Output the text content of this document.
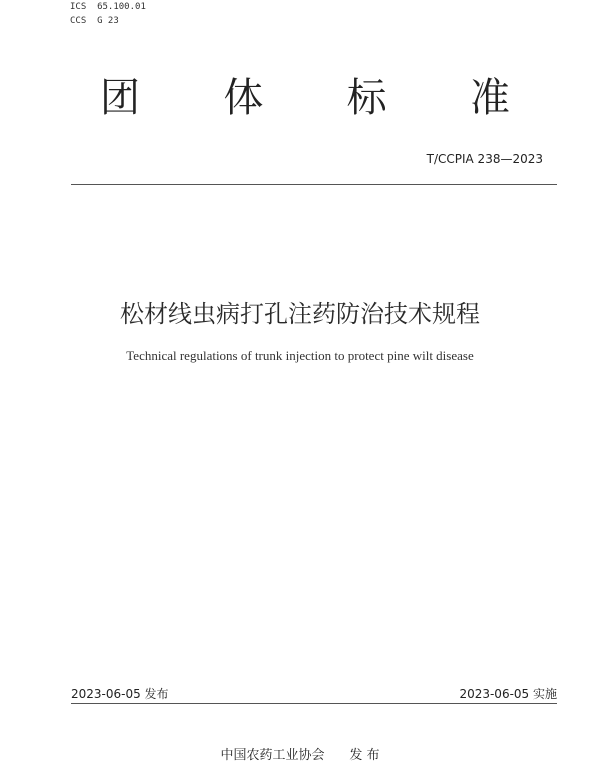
ICS  65.100.01
CCS  G 23
团 体 标 准
T/CCPIA 238—2023
松材线虫病打孔注药防治技术规程
Technical regulations of trunk injection to protect pine wilt disease
2023-06-05 发布	2023-06-05 实施
中国农药工业协会      发 布
